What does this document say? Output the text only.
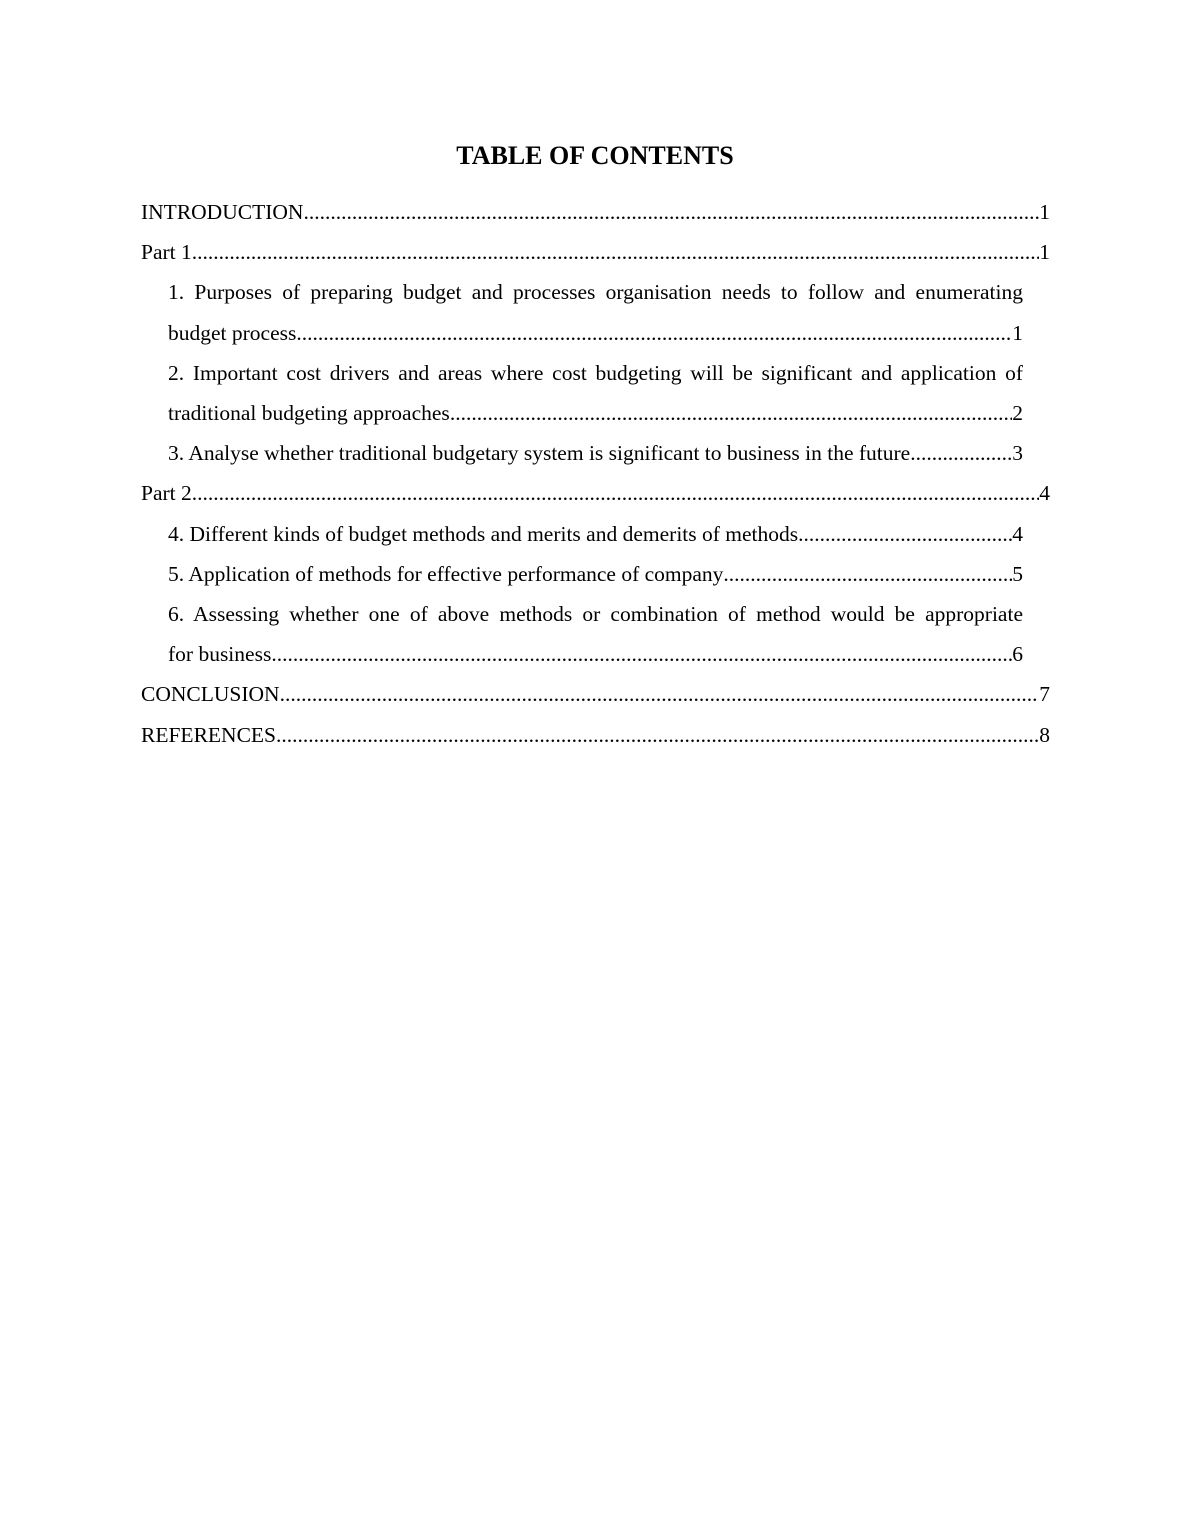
TABLE OF CONTENTS
INTRODUCTION .....	1
Part 1 .....	1
1. Purposes of preparing budget and processes organisation needs to follow and enumerating
budget process .....	1
2. Important cost drivers and areas where cost budgeting will be significant and application of
traditional budgeting approaches .....	2
3. Analyse whether traditional budgetary system is significant to business in the future .....	3
Part 2 .....	4
4. Different kinds of budget methods and merits and demerits of methods .....	4
5. Application of methods for effective performance of company .....	5
6. Assessing whether one of above methods or combination of method would be appropriate
for business .....	6
CONCLUSION .....	7
REFERENCES .....	8
